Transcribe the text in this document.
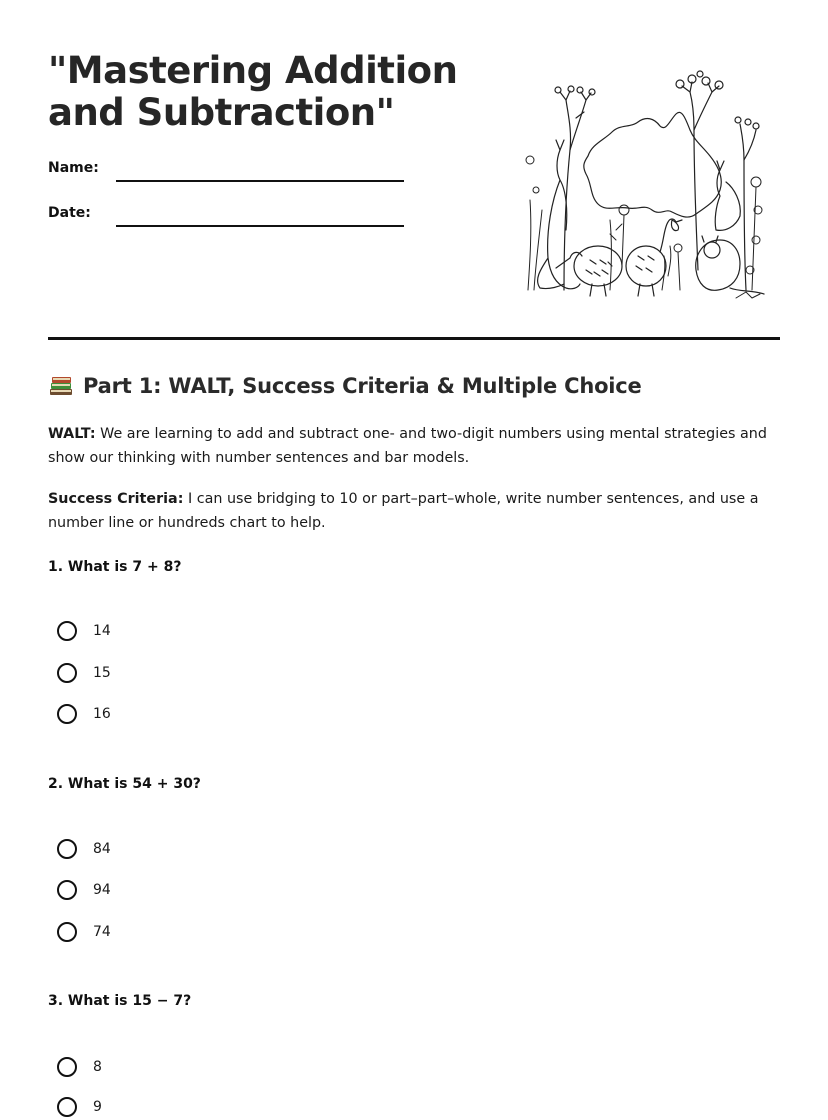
"Mastering Addition and Subtraction"
Name:
Date:
Part 1: WALT, Success Criteria & Multiple Choice

WALT: We are learning to add and subtract one- and two-digit numbers using mental strategies and show our thinking with number sentences and bar models.

Success Criteria: I can use bridging to 10 or part–part–whole, write number sentences, and use a number line or hundreds chart to help.

1. What is 7 + 8?

14
15
16

2. What is 54 + 30?

84
94
74

3. What is 15 − 7?

8
9
